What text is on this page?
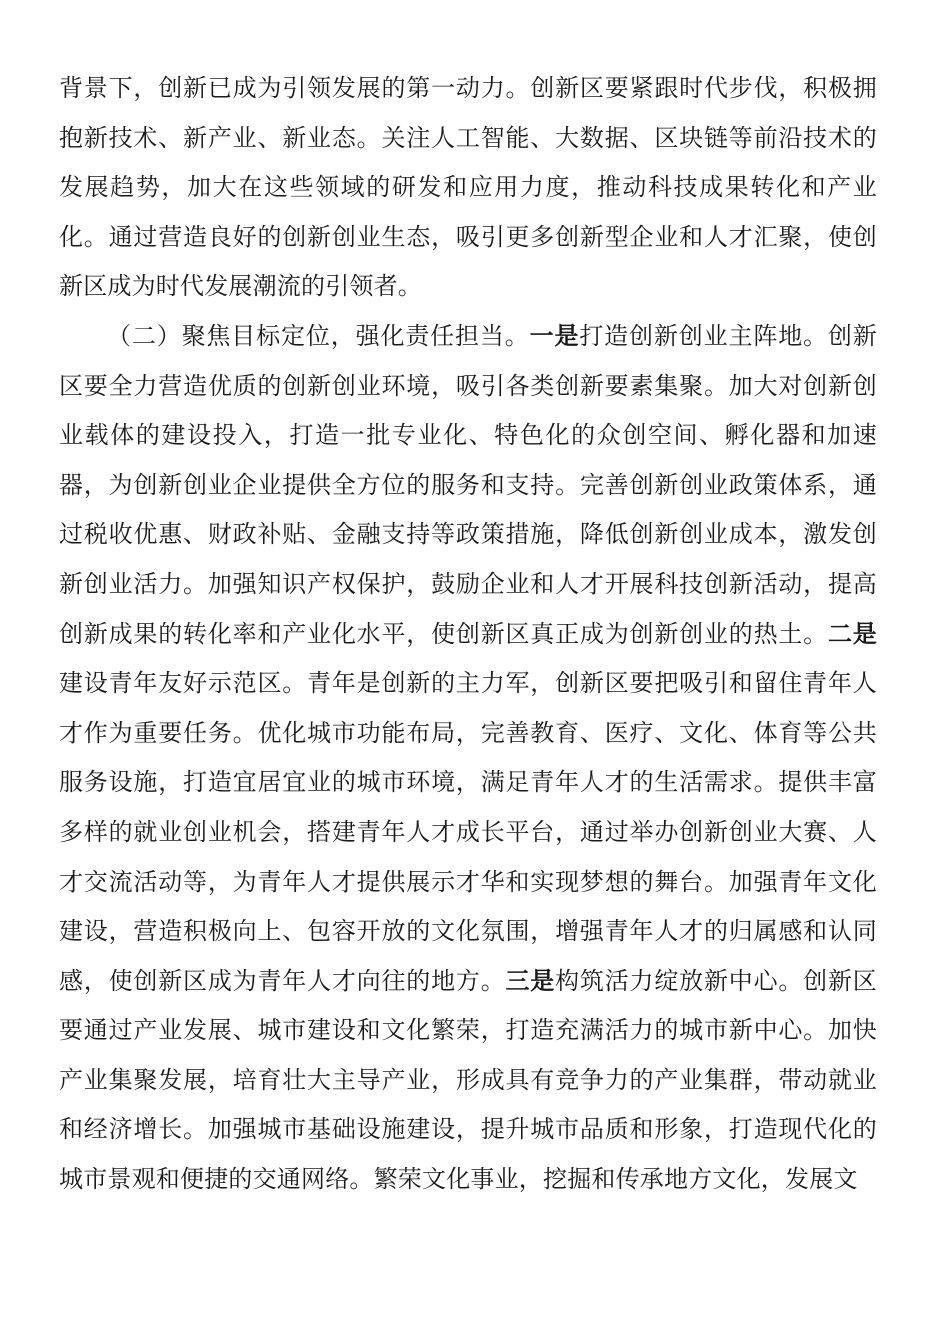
背景下，创新已成为引领发展的第一动力。创新区要紧跟时代步伐，积极拥抱新技术、新产业、新业态。关注人工智能、大数据、区块链等前沿技术的发展趋势，加大在这些领域的研发和应用力度，推动科技成果转化和产业化。通过营造良好的创新创业生态，吸引更多创新型企业和人才汇聚，使创新区成为时代发展潮流的引领者。

（二）聚焦目标定位，强化责任担当。一是打造创新创业主阵地。创新区要全力营造优质的创新创业环境，吸引各类创新要素集聚。加大对创新创业载体的建设投入，打造一批专业化、特色化的众创空间、孵化器和加速器，为创新创业企业提供全方位的服务和支持。完善创新创业政策体系，通过税收优惠、财政补贴、金融支持等政策措施，降低创新创业成本，激发创新创业活力。加强知识产权保护，鼓励企业和人才开展科技创新活动，提高创新成果的转化率和产业化水平，使创新区真正成为创新创业的热土。二是建设青年友好示范区。青年是创新的主力军，创新区要把吸引和留住青年人才作为重要任务。优化城市功能布局，完善教育、医疗、文化、体育等公共服务设施，打造宜居宜业的城市环境，满足青年人才的生活需求。提供丰富多样的就业创业机会，搭建青年人才成长平台，通过举办创新创业大赛、人才交流活动等，为青年人才提供展示才华和实现梦想的舞台。加强青年文化建设，营造积极向上、包容开放的文化氛围，增强青年人才的归属感和认同感，使创新区成为青年人才向往的地方。三是构筑活力绽放新中心。创新区要通过产业发展、城市建设和文化繁荣，打造充满活力的城市新中心。加快产业集聚发展，培育壮大主导产业，形成具有竞争力的产业集群，带动就业和经济增长。加强城市基础设施建设，提升城市品质和形象，打造现代化的城市景观和便捷的交通网络。繁荣文化事业，挖掘和传承地方文化，发展文
